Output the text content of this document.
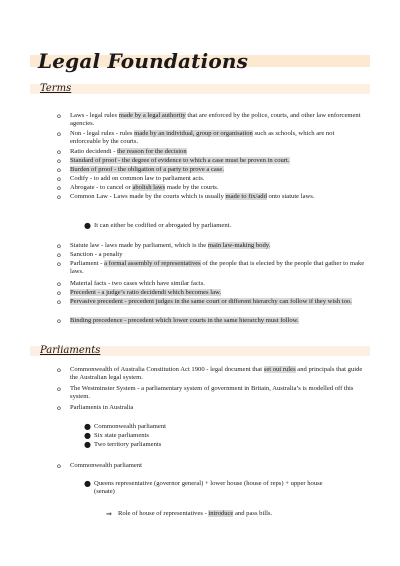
Legal Foundations
Terms
o Laws - legal rules made by a legal authority that are enforced by the police, courts, and other law enforcement agencies.
o Non - legal rules - rules made by an individual, group or organisation such as schools, which are not enforceable by the courts.
o Ratio decidendi - the reason for the decision
o Standard of proof - the degree of evidence to which a case must be proven in court.
o Burden of proof - the obligation of a party to prove a case.
o Codify - to add on common law to parliament acts.
o Abrogate - to cancel or abolish laws made by the courts.
o Common Law - Laws made by the courts which is usually made to fix/add onto statute laws.
● It can either be codified or abrogated by parliament.
o Statute law - laws made by parliament, which is the main law-making body.
o Sanction - a penalty
o Parliament - a formal assembly of representatives of the people that is elected by the people that gather to make laws.
o Material facts - two cases which have similar facts.
o Precedent - a judge’s ratio decidendi which becomes law.
o Pervasive precedent - precedent judges in the same court or different hierarchy can follow if they wish too.
o Binding precedence - precedent which lower courts in the same hierarchy must follow.
Parliaments
o Commonwealth of Australia Constitution Act 1900 - legal document that set out rules and principals that guide the Australian legal system.
o The Westminster System - a parliamentary system of government in Britain, Australia’s is modelled off this system.
o Parliaments in Australia
● Commonwealth parliament
● Six state parliaments
● Two territory parliaments
o Commonwealth parliament
● Queens representative (governor general) + lower house (house of reps) + upper house (senate)
⇒ Role of house of representatives - introduce and pass bills.
